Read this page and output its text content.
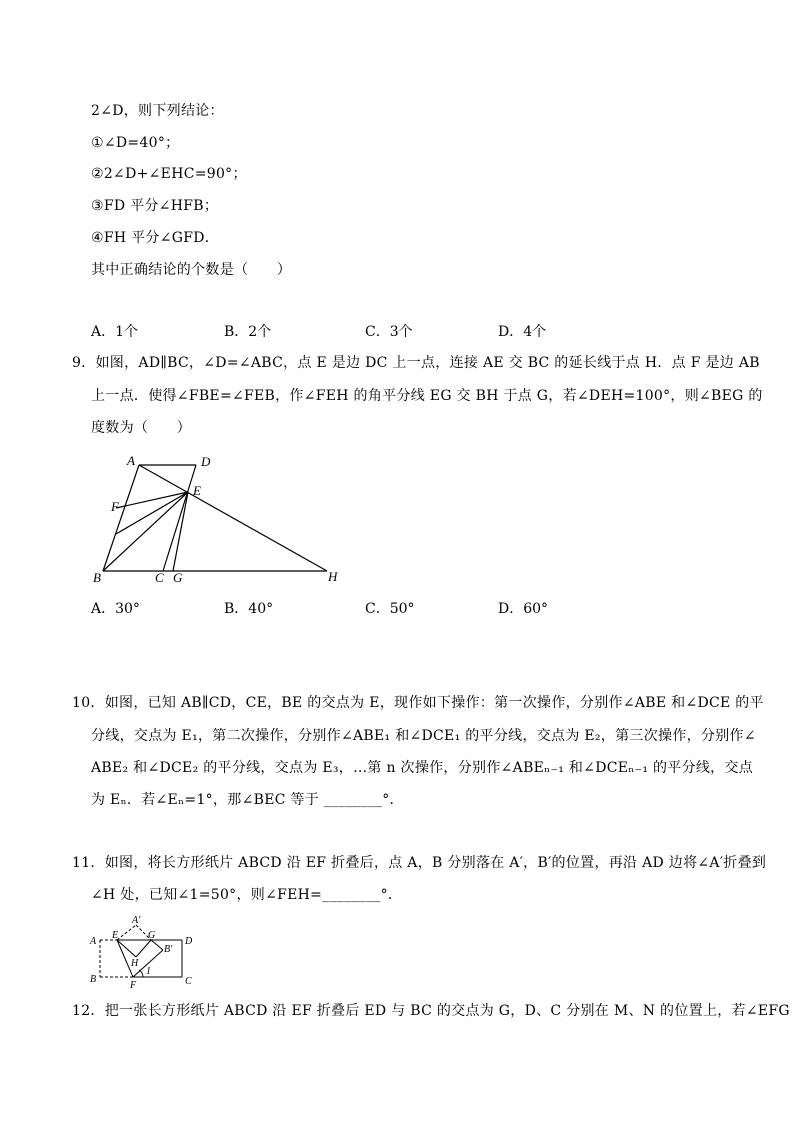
2∠D，则下列结论：
①∠D=40°；
②2∠D+∠EHC=90°；
③FD 平分∠HFB；
④FH 平分∠GFD．
其中正确结论的个数是（　　）
A．1个	B．2个	C．3个	D．4个
9．如图，AD∥BC，∠D=∠ABC，点 E 是边 DC 上一点，连接 AE 交 BC 的延长线于点 H．点 F 是边 AB
上一点．使得∠FBE=∠FEB，作∠FEH 的角平分线 EG 交 BH 于点 G，若∠DEH=100°，则∠BEG 的
度数为（　　）
A	D
E
F
B	C G	H
A．30°	B．40°	C．50°	D．60°
10．如图，已知 AB∥CD，CE，BE 的交点为 E，现作如下操作：第一次操作，分别作∠ABE 和∠DCE 的平
分线，交点为 E₁，第二次操作，分别作∠ABE₁ 和∠DCE₁ 的平分线，交点为 E₂，第三次操作，分别作∠
ABE₂ 和∠DCE₂ 的平分线，交点为 E₃，…第 n 次操作，分别作∠ABEₙ₋₁ 和∠DCEₙ₋₁ 的平分线，交点
为 Eₙ．若∠Eₙ=1°，那∠BEC 等于 ________°．
11．如图，将长方形纸片 ABCD 沿 EF 折叠后，点 A，B 分别落在 A′，B′的位置，再沿 AD 边将∠A′折叠到
∠H 处，已知∠1=50°，则∠FEH=________°．
A
A′
E	G
B′
D
H
1
B
F	C
12．把一张长方形纸片 ABCD 沿 EF 折叠后 ED 与 BC 的交点为 G，D、C 分别在 M、N 的位置上，若∠EFG
